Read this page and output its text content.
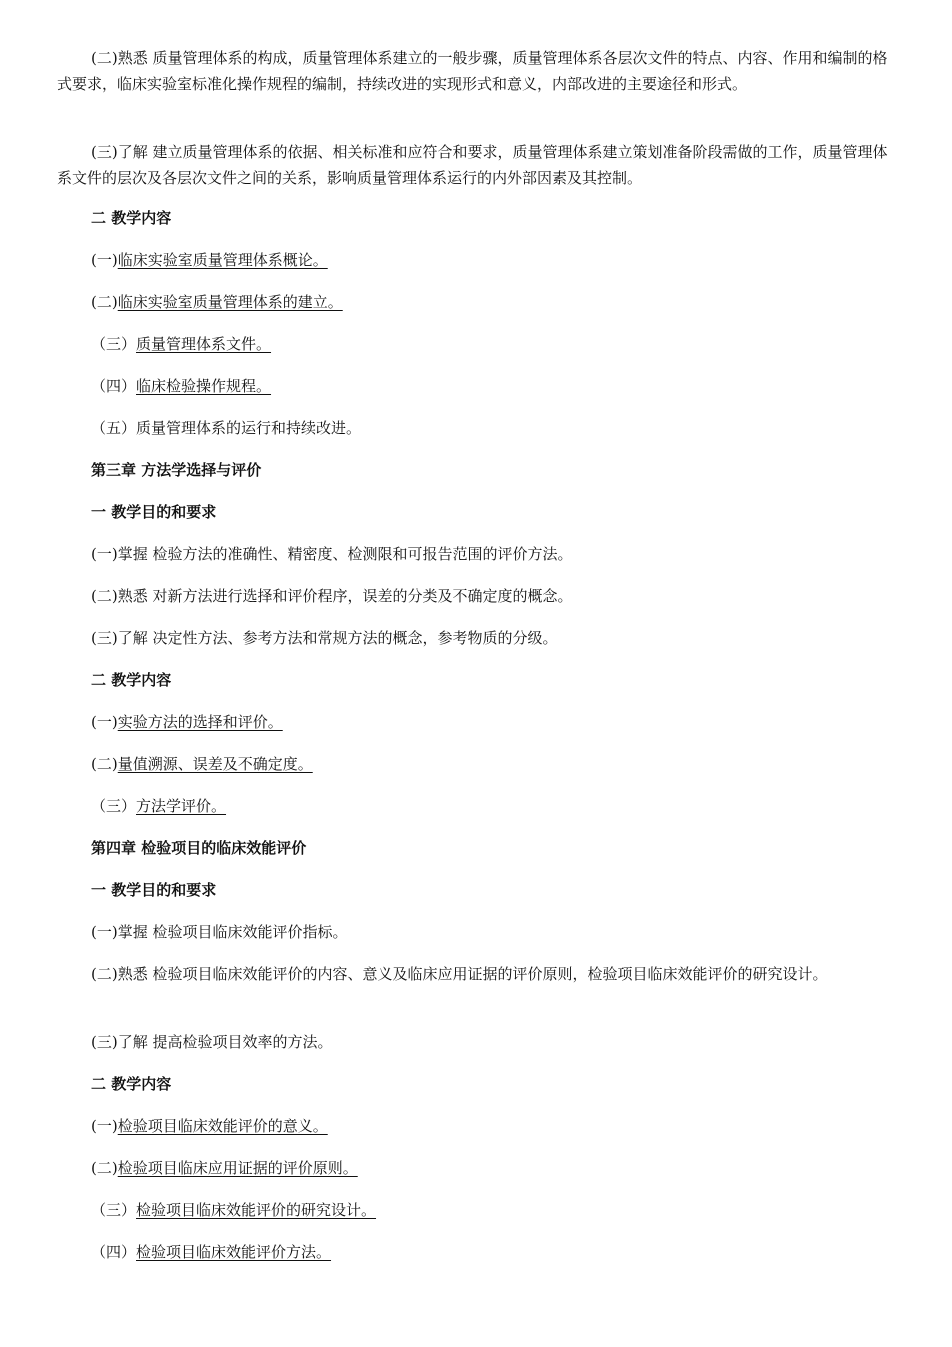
(二)熟悉 质量管理体系的构成，质量管理体系建立的一般步骤，质量管理体系各层次文件的特点、内容、作用和编制的格式要求，临床实验室标准化操作规程的编制，持续改进的实现形式和意义，内部改进的主要途径和形式。
(三)了解 建立质量管理体系的依据、相关标准和应符合和要求，质量管理体系建立策划准备阶段需做的工作，质量管理体系文件的层次及各层次文件之间的关系，影响质量管理体系运行的内外部因素及其控制。
二 教学内容
(一)临床实验室质量管理体系概论。
(二)临床实验室质量管理体系的建立。
（三）质量管理体系文件。
（四）临床检验操作规程。
（五）质量管理体系的运行和持续改进。
第三章 方法学选择与评价
一 教学目的和要求
(一)掌握 检验方法的准确性、精密度、检测限和可报告范围的评价方法。
(二)熟悉 对新方法进行选择和评价程序，误差的分类及不确定度的概念。
(三)了解 决定性方法、参考方法和常规方法的概念，参考物质的分级。
二 教学内容
(一)实验方法的选择和评价。
(二)量值溯源、误差及不确定度。
（三）方法学评价。
第四章 检验项目的临床效能评价
一 教学目的和要求
(一)掌握 检验项目临床效能评价指标。
(二)熟悉 检验项目临床效能评价的内容、意义及临床应用证据的评价原则，检验项目临床效能评价的研究设计。
(三)了解 提高检验项目效率的方法。
二 教学内容
(一)检验项目临床效能评价的意义。
(二)检验项目临床应用证据的评价原则。
（三）检验项目临床效能评价的研究设计。
（四）检验项目临床效能评价方法。
